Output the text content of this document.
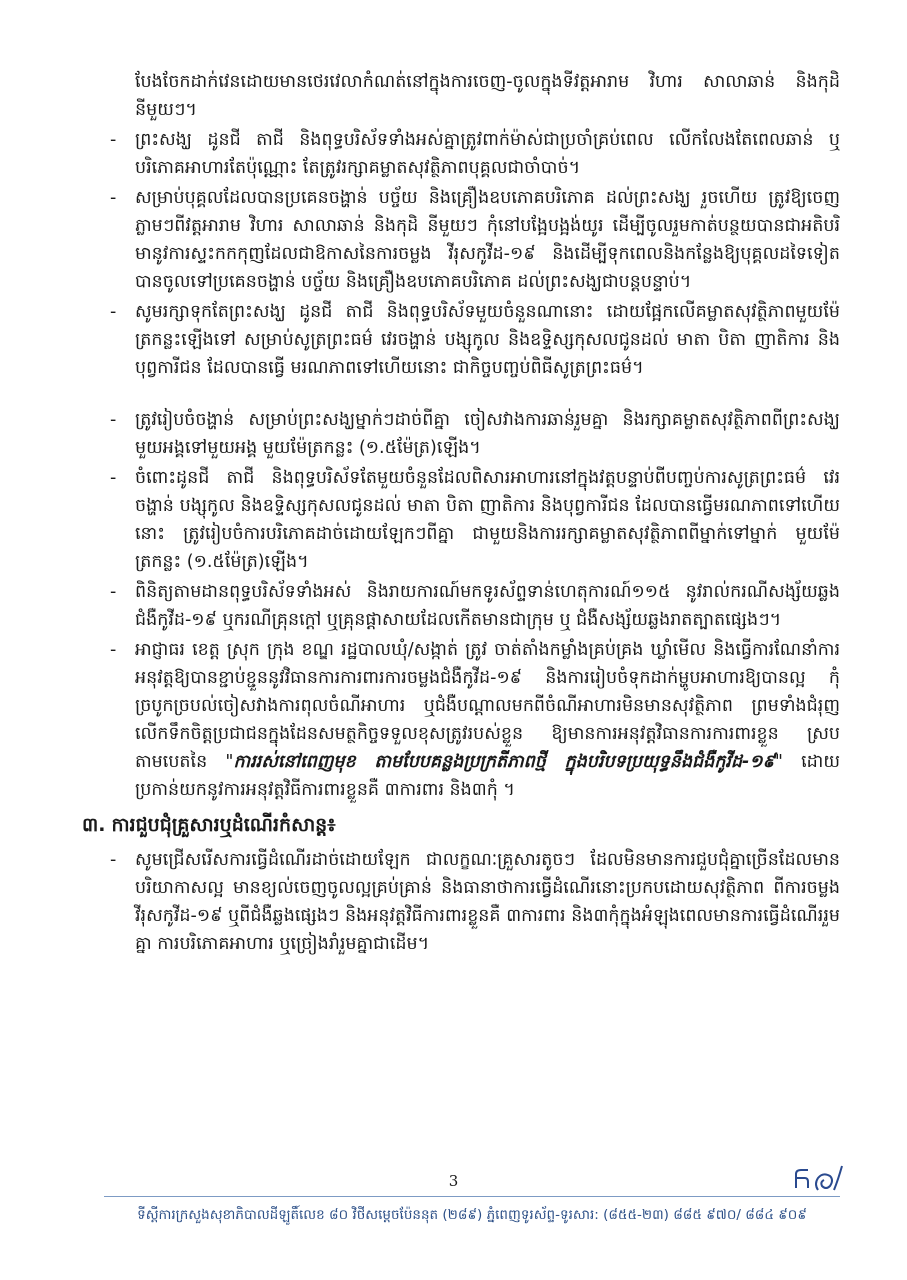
បែងចែកដាក់វេនដោយមានថេរវេលាកំណត់នៅក្នុងការចេញ-ចូលក្នុងទីវត្តអារាម វិហារ សាលាឆាន់ និងកុដិនីមួយៗ។

-	ព្រះសង្ឃ ដូនជី តាជី និងពុទ្ធបរិស័ទទាំងអស់គ្នាត្រូវពាក់ម៉ាស់ជាប្រចាំគ្រប់ពេល លើកលែងតែពេលឆាន់ ឬបរិភោគអាហារតែប៉ុណ្ណោះ តែត្រូវរក្សាគម្លាតសុវត្ថិភាពបុគ្គលជាចាំបាច់។
-	សម្រាប់បុគ្គលដែលបានប្រគេនចង្ហាន់ បច្ច័យ និងគ្រឿងឧបភោគបរិភោគ ដល់ព្រះសង្ឃ រួចហើយ ត្រូវឱ្យចេញភ្លាមៗពីវត្តអារាម វិហារ សាលាឆាន់ និងកុដិ នីមួយៗ កុំនៅបង្អែបង្អង់យូរ ដើម្បីចូលរួមកាត់បន្ថយបានជាអតិបរិមានូវការស្ទះកកកុញដែលជាឱកាសនៃការចម្លង វីរុសកូវីដ-១៩ និងដើម្បីទុកពេលនិងកន្លែងឱ្យបុគ្គលដទៃទៀតបានចូលទៅប្រគេនចង្ហាន់ បច្ច័យ និងគ្រឿងឧបភោគបរិភោគ ដល់ព្រះសង្ឃជាបន្តបន្ទាប់។
-	សូមរក្សាទុកតែព្រះសង្ឃ ដូនជី តាជី និងពុទ្ធបរិស័ទមួយចំនួនណានោះ ដោយផ្អែកលើគម្លាតសុវត្ថិភាពមួយម៉ែត្រកន្លះឡើងទៅ សម្រាប់សូត្រព្រះធម៌ វេរចង្ហាន់ បង្សុកូល និងឧទ្ទិស្សកុសលជូនដល់ មាតា បិតា ញាតិការ និងបុព្វការីជន ដែលបានធ្វើ មរណភាពទៅហើយនោះ ជាកិច្ចបញ្ចប់ពិធីសូត្រព្រះធម៌។
-	ត្រូវរៀបចំចង្ហាន់ សម្រាប់ព្រះសង្ឃម្នាក់ៗដាច់ពីគ្នា ចៀសវាងការឆាន់រួមគ្នា និងរក្សាគម្លាតសុវត្ថិភាពពីព្រះសង្ឃមួយអង្គទៅមួយអង្គ មួយម៉ែត្រកន្លះ (១.៥ម៉ែត្រ)ឡើង។
-	ចំពោះដូនជី តាជី និងពុទ្ធបរិស័ទតែមួយចំនួនដែលពិសារអាហារនៅក្នុងវត្តបន្ទាប់ពីបញ្ចប់ការសូត្រព្រះធម៌ វេរចង្ហាន់ បង្សុកូល និងឧទ្ទិស្សកុសលជូនដល់ មាតា បិតា ញាតិការ និងបុព្វការីជន ដែលបានធ្វើមរណភាពទៅហើយនោះ ត្រូវរៀបចំការបរិភោគដាច់ដោយឡែកៗពីគ្នា ជាមួយនិងការរក្សាគម្លាតសុវត្ថិភាពពីម្នាក់ទៅម្នាក់ មួយម៉ែត្រកន្លះ (១.៥ម៉ែត្រ)ឡើង។
-	ពិនិត្យតាមដានពុទ្ធបរិស័ទទាំងអស់ និងរាយការណ៍មកទូរស័ព្ទទាន់ហេតុការណ៍១១៥ នូវរាល់ករណីសង្ស័យឆ្លងជំងឺកូវីដ-១៩ ឬករណីគ្រុនក្តៅ ឬគ្រុនផ្តាសាយដែលកើតមានជាក្រុម ឬ ជំងឺសង្ស័យឆ្លងរាតត្បាតផ្សេងៗ។
-	អាជ្ញាធរ ខេត្ត ស្រុក ក្រុង ខណ្ឌ រដ្ឋបាលឃុំ/សង្កាត់ ត្រូវ ចាត់តាំងកម្លាំងគ្រប់គ្រង ឃ្លាំមើល និងធ្វើការណែនាំការអនុវត្តឱ្យបានខ្ជាប់ខ្ជួននូវវិធានការការពារការចម្លងជំងឺកូវីដ-១៩ និងការរៀបចំទុកដាក់ម្ហូបអាហារឱ្យបានល្អ កុំច្របូកច្របល់ចៀសវាងការពុលចំណីអាហារ ឬជំងឺបណ្ដាលមកពីចំណីអាហារមិនមានសុវត្ថិភាព ព្រមទាំងជំរុញលើកទឹកចិត្តប្រជាជនក្នុងដែនសមត្ថកិច្ចទទួលខុសត្រូវរបស់ខ្លួន ឱ្យមានការអនុវត្តវិធានការការពារខ្លួន ស្របតាមបេតនៃ "ការរស់នៅពេញមុខ តាមបែបគន្លងប្រក្រតីភាពថ្មី ក្នុងបរិបទប្រយុទ្ធនឹងជំងឺកូវីដ-១៩" ដោយប្រកាន់យកនូវការអនុវត្តវិធីការពារខ្លួនគឺ ៣ការពារ និង៣កុំ ។
៣. ការជួបជុំគ្រួសារឬដំណើរកំសាន្ត៖
-	សូមជ្រើសរើសការធ្វើដំណើរដាច់ដោយឡែក ជាលក្ខណៈគ្រួសារតូចៗ ដែលមិនមានការជួបជុំគ្នាច្រើនដែលមានបរិយាកាសល្អ មានខ្យល់ចេញចូលល្អគ្រប់គ្រាន់ និងធានាថាការធ្វើដំណើរនោះប្រកបដោយសុវត្ថិភាព ពីការចម្លងវីរុសកូវីដ-១៩ ឬពីជំងឺឆ្លងផ្សេងៗ និងអនុវត្តវិធីការពារខ្លួនគឺ ៣ការពារ និង៣កុំក្នុងអំឡុងពេលមានការធ្វើដំណើររួមគ្នា ការបរិភោគអាហារ ឬច្រៀងរាំរួមគ្នាជាដើម។
3
ទីស្តីការក្រសួងសុខាភិបាលដីឡូតិ៍លេខ ៨០ វិថីសម្តេចប៉ែននុត (២៨៩) ភ្នំពេញទូរស័ព្ទ-ទូរសារ: (៨៥៥-២៣) ៨៨៥ ៩៧០/ ៨៨៤ ៩០៩
